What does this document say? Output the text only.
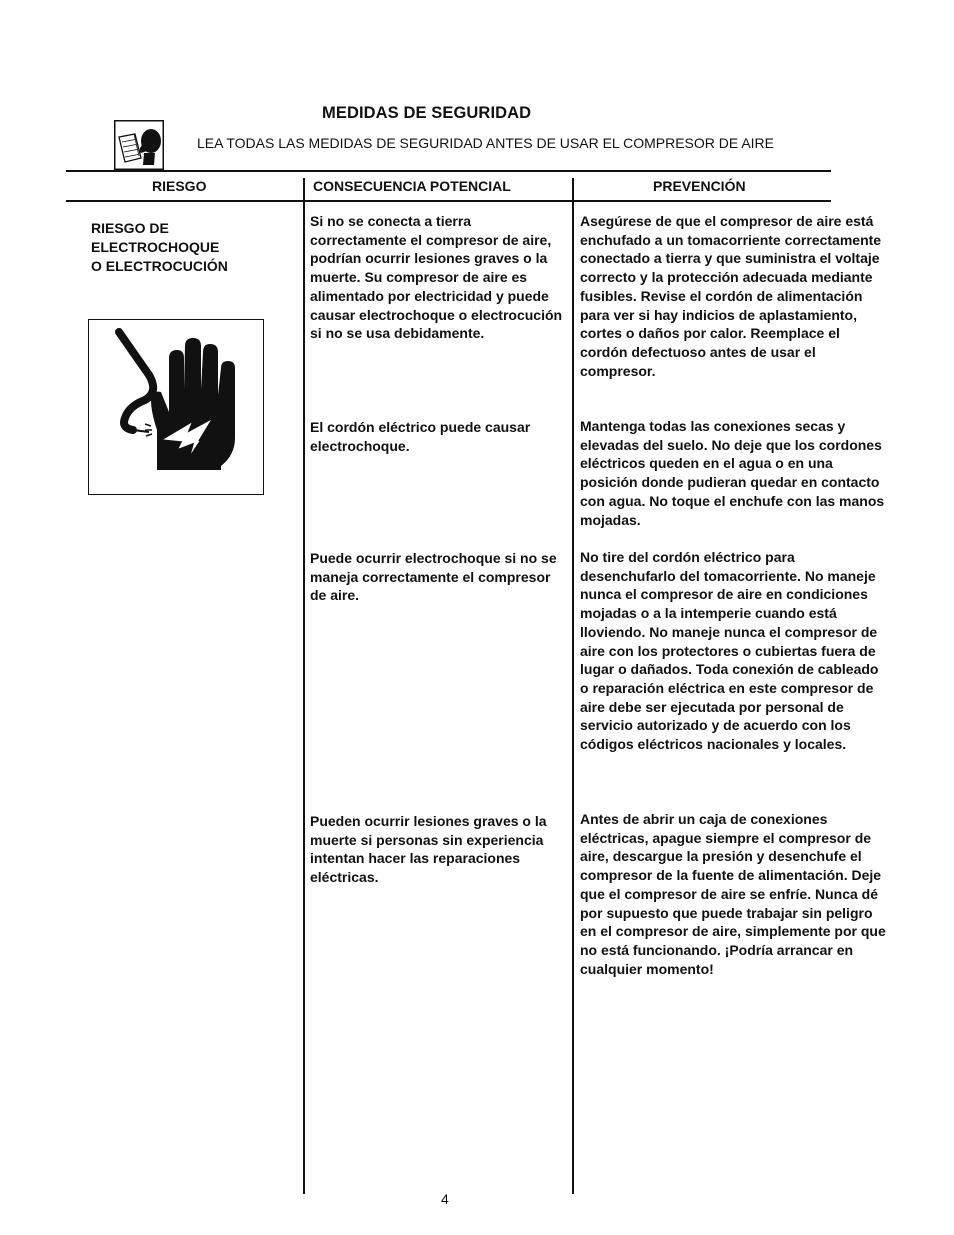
MEDIDAS DE SEGURIDAD
LEA TODAS LAS MEDIDAS DE SEGURIDAD ANTES DE USAR EL COMPRESOR DE AIRE
RIESGO	CONSECUENCIA POTENCIAL	PREVENCIÓN
RIESGO DE
ELECTROCHOQUE
O ELECTROCUCIÓN
Si no se conecta a tierra correctamente el compresor de aire, podrían ocurrir lesiones graves o la muerte. Su compresor de aire es alimentado por electricidad y puede causar electrochoque o electrocución si no se usa debidamente.
Asegúrese de que el compresor de aire está enchufado a un tomacorriente correctamente conectado a tierra y que suministra el voltaje correcto y la protección adecuada mediante fusibles. Revise el cordón de alimentación para ver si hay indicios de aplastamiento, cortes o daños por calor. Reemplace el cordón defectuoso antes de usar el compresor.
El cordón eléctrico puede causar electrochoque.
Mantenga todas las conexiones secas y elevadas del suelo. No deje que los cordones eléctricos queden en el agua o en una posición donde pudieran quedar en contacto con agua. No toque el enchufe con las manos mojadas.
Puede ocurrir electrochoque si no se maneja correctamente el compresor de aire.
No tire del cordón eléctrico para desenchufarlo del tomacorriente. No maneje nunca el compresor de aire en condiciones mojadas o a la intemperie cuando está lloviendo. No maneje nunca el compresor de aire con los protectores o cubiertas fuera de lugar o dañados. Toda conexión de cableado o reparación eléctrica en este compresor de aire debe ser ejecutada por personal de servicio autorizado y de acuerdo con los códigos eléctricos nacionales y locales.
Pueden ocurrir lesiones graves o la muerte si personas sin experiencia intentan hacer las reparaciones eléctricas.
Antes de abrir un caja de conexiones eléctricas, apague siempre el compresor de aire, descargue la presión y desenchufe el compresor de la fuente de alimentación. Deje que el compresor de aire se enfríe. Nunca dé por supuesto que puede trabajar sin peligro en el compresor de aire, simplemente por que no está funcionando. ¡Podría arrancar en cualquier momento!
4
